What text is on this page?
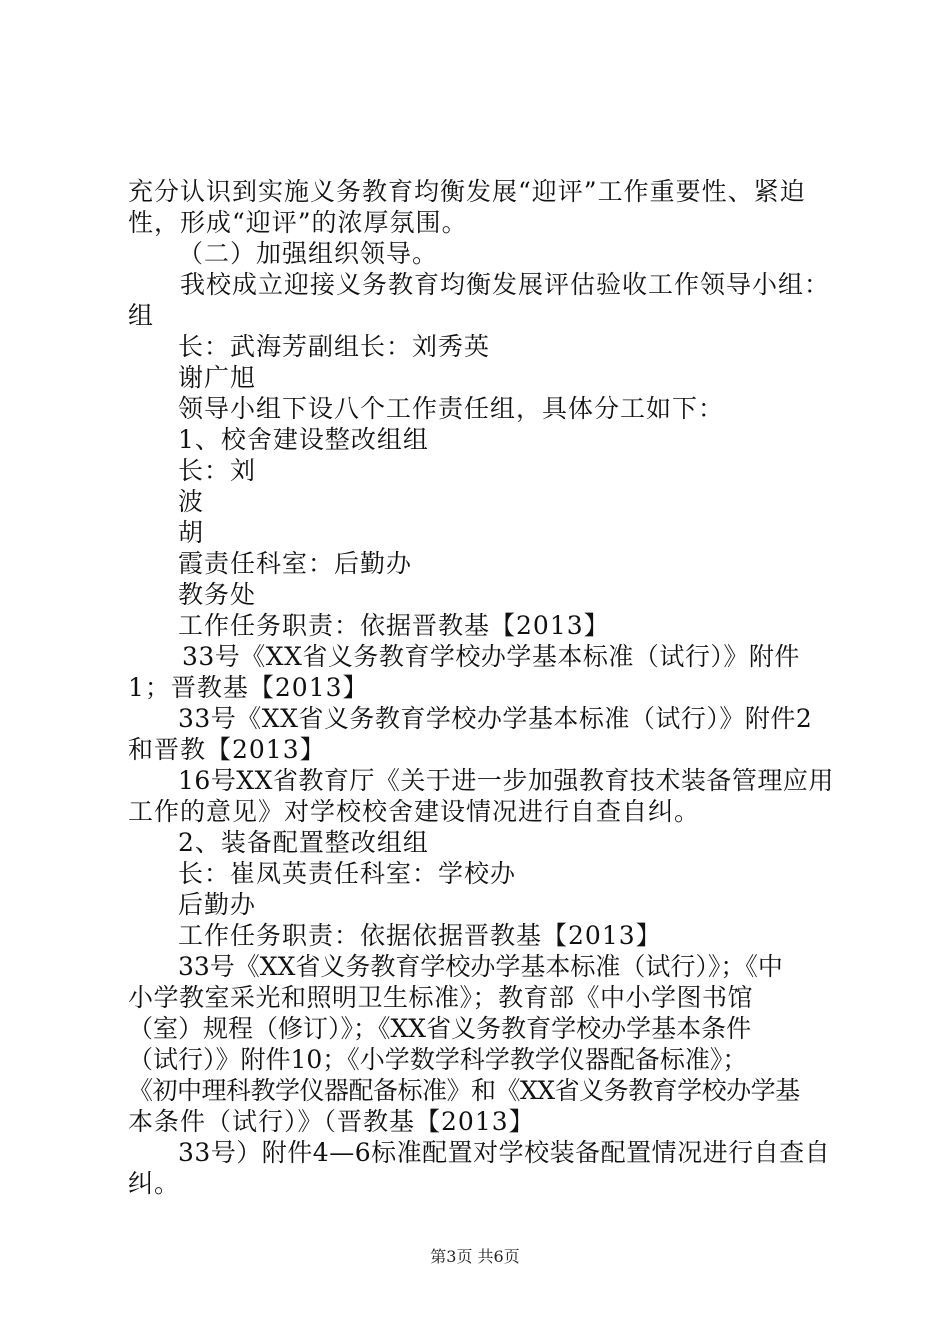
充分认识到实施义务教育均衡发展“迎评”工作重要性、紧迫
性，形成“迎评”的浓厚氛围。
（二）加强组织领导。
我校成立迎接义务教育均衡发展评估验收工作领导小组：
组
长：武海芳副组长：刘秀英
谢广旭
领导小组下设八个工作责任组，具体分工如下：
1、校舍建设整改组组
长：刘
波
胡
霞责任科室：后勤办
教务处
工作任务职责：依据晋教基【2013】
33号《XX省义务教育学校办学基本标准（试行）》附件
1；晋教基【2013】
33号《XX省义务教育学校办学基本标准（试行）》附件2
和晋教【2013】
16号XX省教育厅《关于进一步加强教育技术装备管理应用
工作的意见》对学校校舍建设情况进行自查自纠。
2、装备配置整改组组
长：崔凤英责任科室：学校办
后勤办
工作任务职责：依据依据晋教基【2013】
33号《XX省义务教育学校办学基本标准（试行）》；《中
小学教室采光和照明卫生标准》；教育部《中小学图书馆
（室）规程（修订）》；《XX省义务教育学校办学基本条件
（试行）》附件10；《小学数学科学教学仪器配备标准》；
《初中理科教学仪器配备标准》和《XX省义务教育学校办学基
本条件（试行）》（晋教基【2013】
33号）附件4—6标准配置对学校装备配置情况进行自查自
纠。
第3页 共6页
